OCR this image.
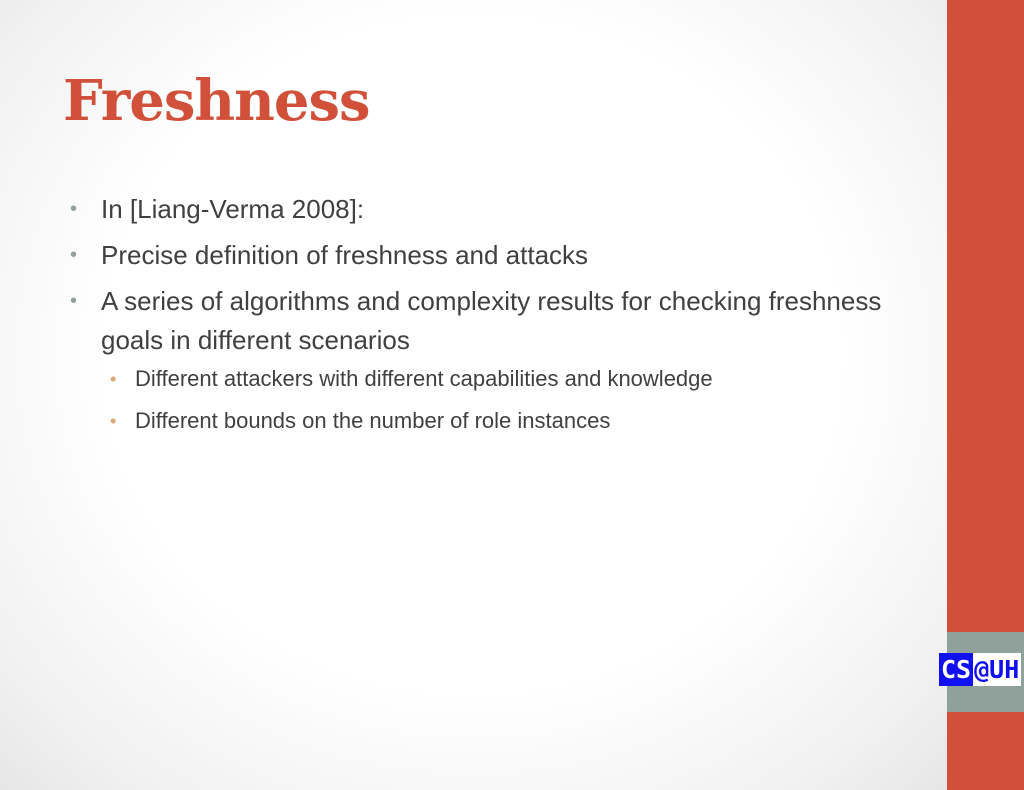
Freshness
• In [Liang-Verma 2008]:
• Precise definition of freshness and attacks
• A series of algorithms and complexity results for checking freshness goals in different scenarios
• Different attackers with different capabilities and knowledge
• Different bounds on the number of role instances
CS @UH
